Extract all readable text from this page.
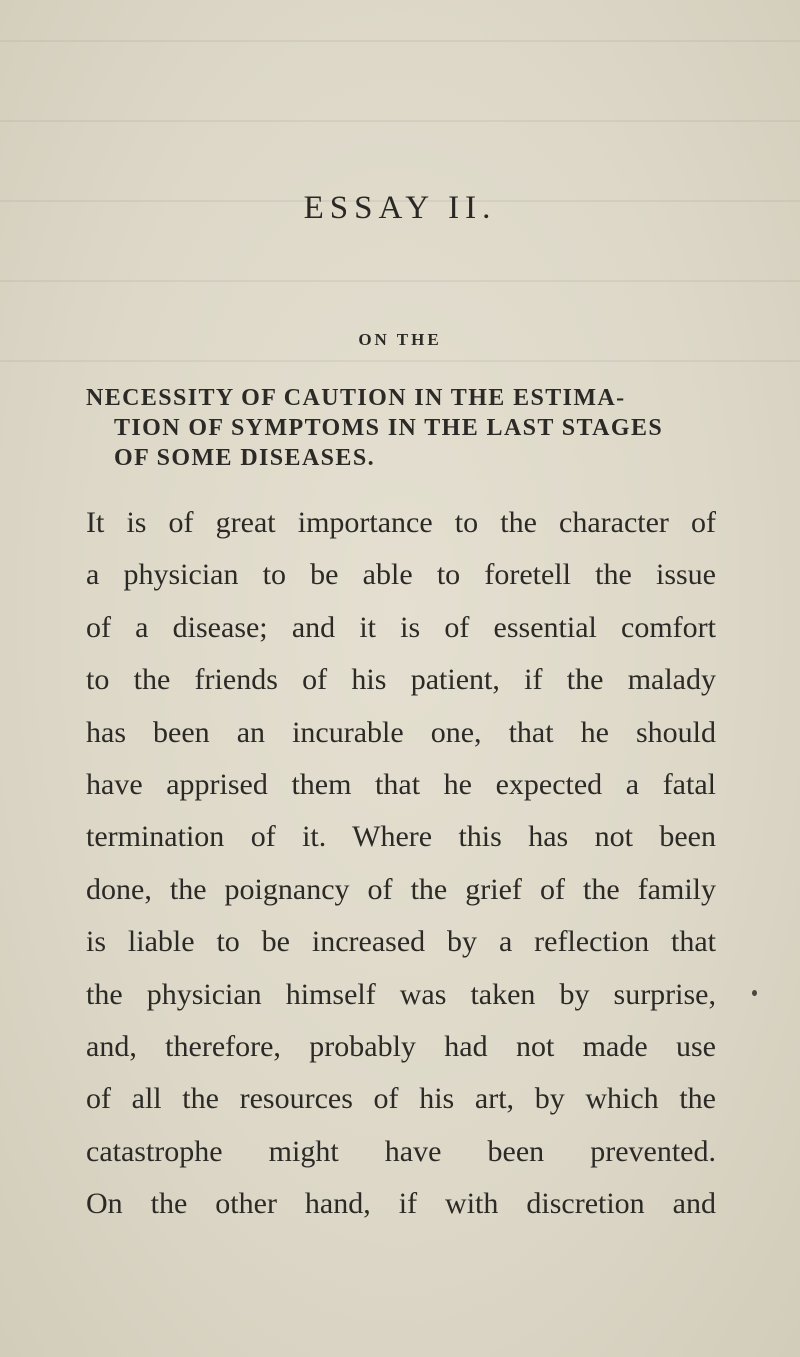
ESSAY II.
ON THE
NECESSITY OF CAUTION IN THE ESTIMA-
TION OF SYMPTOMS IN THE LAST STAGES
OF SOME DISEASES.
It is of great importance to the character of
a physician to be able to foretell the issue
of a disease; and it is of essential comfort
to the friends of his patient, if the malady
has been an incurable one, that he should
have apprised them that he expected a fatal
termination of it. Where this has not been
done, the poignancy of the grief of the family
is liable to be increased by a reflection that
the physician himself was taken by surprise,
and, therefore, probably had not made use
of all the resources of his art, by which the
catastrophe might have been prevented.
On the other hand, if with discretion and
